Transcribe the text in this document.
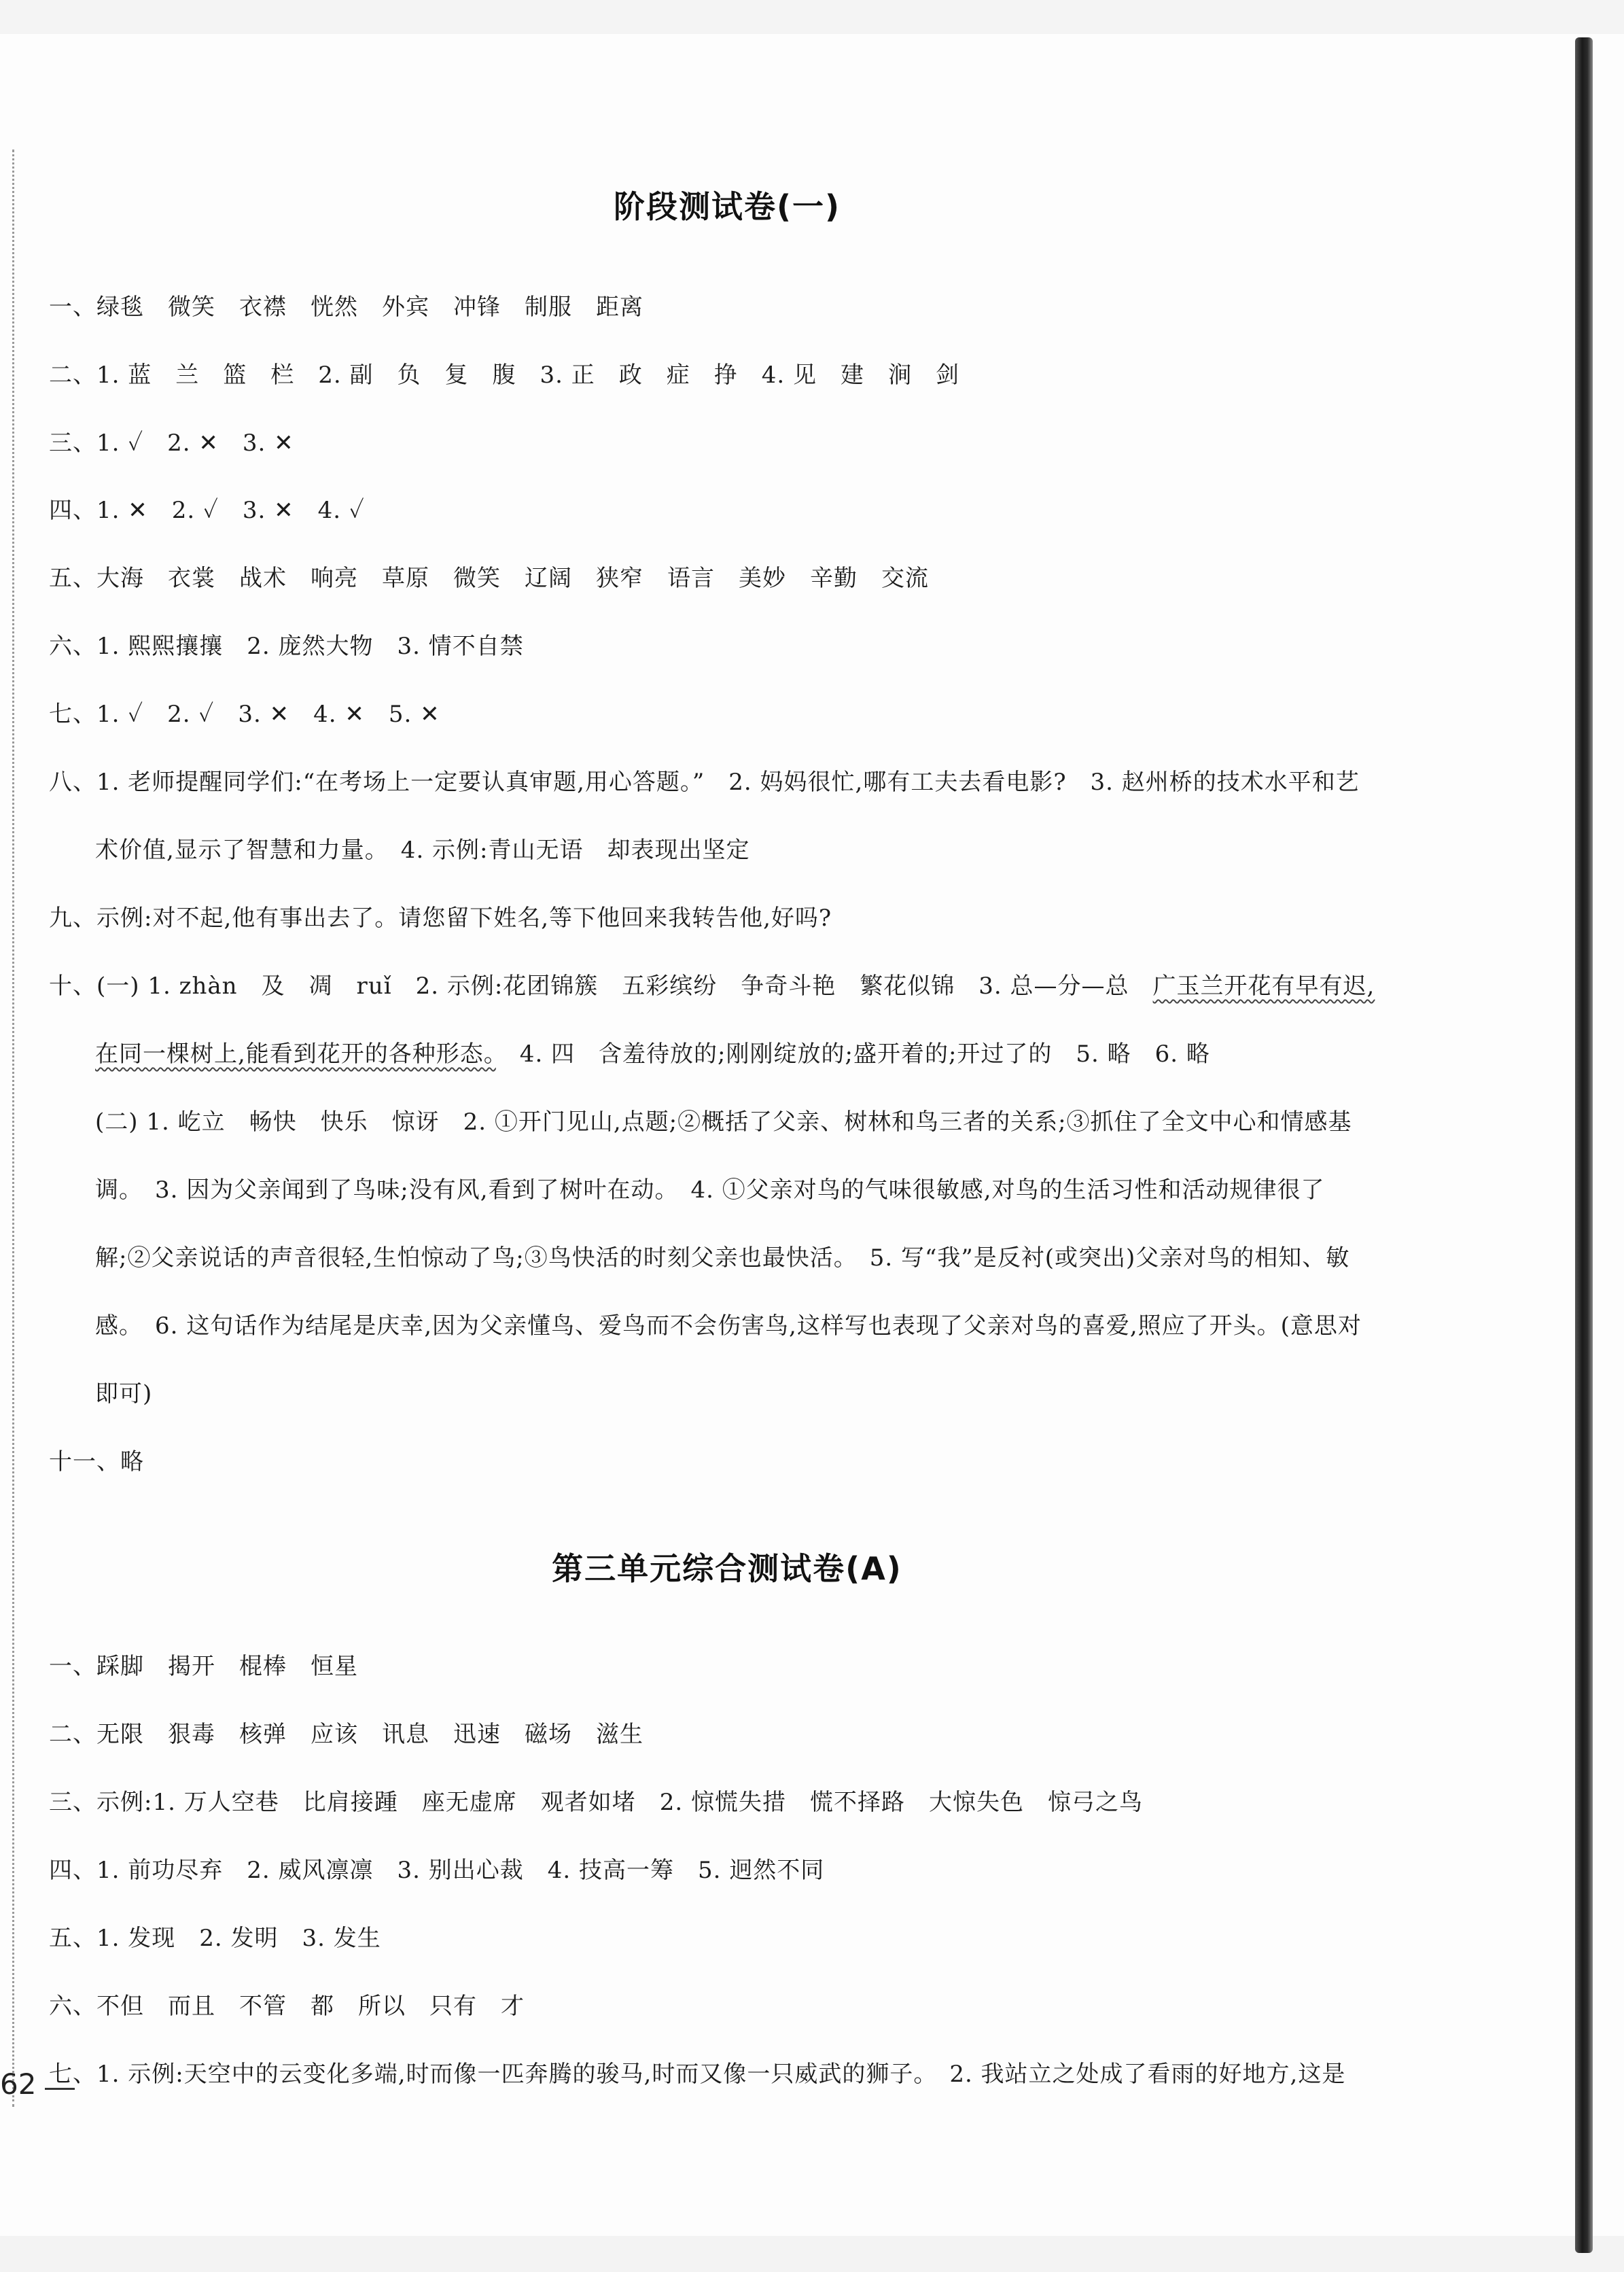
阶段测试卷(一)
一、绿毯　微笑　衣襟　恍然　外宾　冲锋　制服　距离
二、1. 蓝　兰　篮　栏　2. 副　负　复　腹　3. 正　政　症　挣　4. 见　建　涧　剑
三、1. ✓　2. ✕　3. ✕
四、1. ✕　2. ✓　3. ✕　4. ✓
五、大海　衣裳　战术　响亮　草原　微笑　辽阔　狭窄　语言　美妙　辛勤　交流
六、1. 熙熙攘攘　2. 庞然大物　3. 情不自禁
七、1. ✓　2. ✓　3. ✕　4. ✕　5. ✕
八、1. 老师提醒同学们:“在考场上一定要认真审题,用心答题。”　2. 妈妈很忙,哪有工夫去看电影?　3. 赵州桥的技术水平和艺
术价值,显示了智慧和力量。　4. 示例:青山无语　却表现出坚定
九、示例:对不起,他有事出去了。请您留下姓名,等下他回来我转告他,好吗?
十、(一) 1. zhàn　及　凋　ruǐ　2. 示例:花团锦簇　五彩缤纷　争奇斗艳　繁花似锦　3. 总—分—总　广玉兰开花有早有迟,
在同一棵树上,能看到花开的各种形态。　4. 四　含羞待放的;刚刚绽放的;盛开着的;开过了的　5. 略　6. 略
(二) 1. 屹立　畅快　快乐　惊讶　2. ①开门见山,点题;②概括了父亲、树林和鸟三者的关系;③抓住了全文中心和情感基
调。　3. 因为父亲闻到了鸟味;没有风,看到了树叶在动。　4. ①父亲对鸟的气味很敏感,对鸟的生活习性和活动规律很了
解;②父亲说话的声音很轻,生怕惊动了鸟;③鸟快活的时刻父亲也最快活。　5. 写“我”是反衬(或突出)父亲对鸟的相知、敏
感。　6. 这句话作为结尾是庆幸,因为父亲懂鸟、爱鸟而不会伤害鸟,这样写也表现了父亲对鸟的喜爱,照应了开头。(意思对
即可)
十一、略
第三单元综合测试卷(A)
一、踩脚　揭开　棍棒　恒星
二、无限　狠毒　核弹　应该　讯息　迅速　磁场　滋生
三、示例:1. 万人空巷　比肩接踵　座无虚席　观者如堵　2. 惊慌失措　慌不择路　大惊失色　惊弓之鸟
四、1. 前功尽弃　2. 威风凛凛　3. 别出心裁　4. 技高一筹　5. 迥然不同
五、1. 发现　2. 发明　3. 发生
六、不但　而且　不管　都　所以　只有　才
七、1. 示例:天空中的云变化多端,时而像一匹奔腾的骏马,时而又像一只威武的狮子。　2. 我站立之处成了看雨的好地方,这是
62
